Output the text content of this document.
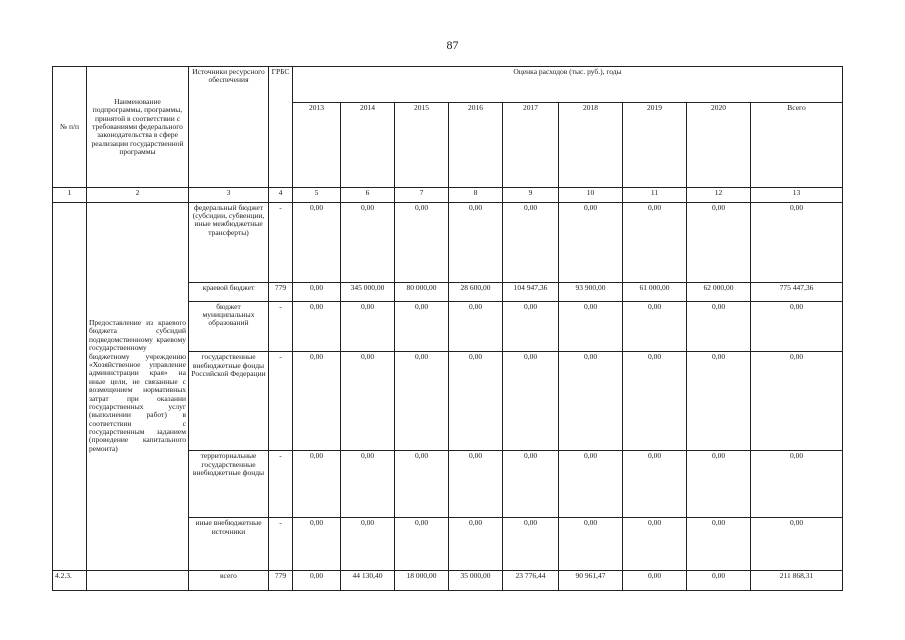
87
№ п/п	Наименование подпрограммы, программы, принятой в соответствии с требованиями федерального законодательства в сфере реализации государственной программы	Источники ресурсного обеспечения	ГРБС	Оценка расходов (тыс. руб.), годы								
				2013	2014	2015	2016	2017	2018	2019	2020	Всего
1	2	3	4	5	6	7	8	9	10	11	12	13
	Предоставление из краевого бюджета субсидий подведомственному краевому государственному бюджетному учреждению «Хозяйственное управление администрации края» на иные цели, не связанные с возмещением нормативных затрат при оказании государственных услуг (выполнении работ) в соответствии с государственным заданием (проведение капитального ремонта)	федеральный бюджет (субсидии, субвенции, иные межбюджетные трансферты)	-	0,00	0,00	0,00	0,00	0,00	0,00	0,00	0,00	0,00
		краевой бюджет	779	0,00	345 000,00	80 000,00	28 600,00	104 947,36	93 900,00	61 000,00	62 000,00	775 447,36
		бюджет муниципальных образований	-	0,00	0,00	0,00	0,00	0,00	0,00	0,00	0,00	0,00
		государственные внебюджетные фонды Российской Федерации	-	0,00	0,00	0,00	0,00	0,00	0,00	0,00	0,00	0,00
		территориальные государственные внебюджетные фонды	-	0,00	0,00	0,00	0,00	0,00	0,00	0,00	0,00	0,00
		иные внебюджетные источники	-	0,00	0,00	0,00	0,00	0,00	0,00	0,00	0,00	0,00
4.2.3.		всего	779	0,00	44 130,40	18 000,00	35 000,00	23 776,44	90 961,47	0,00	0,00	211 868,31
